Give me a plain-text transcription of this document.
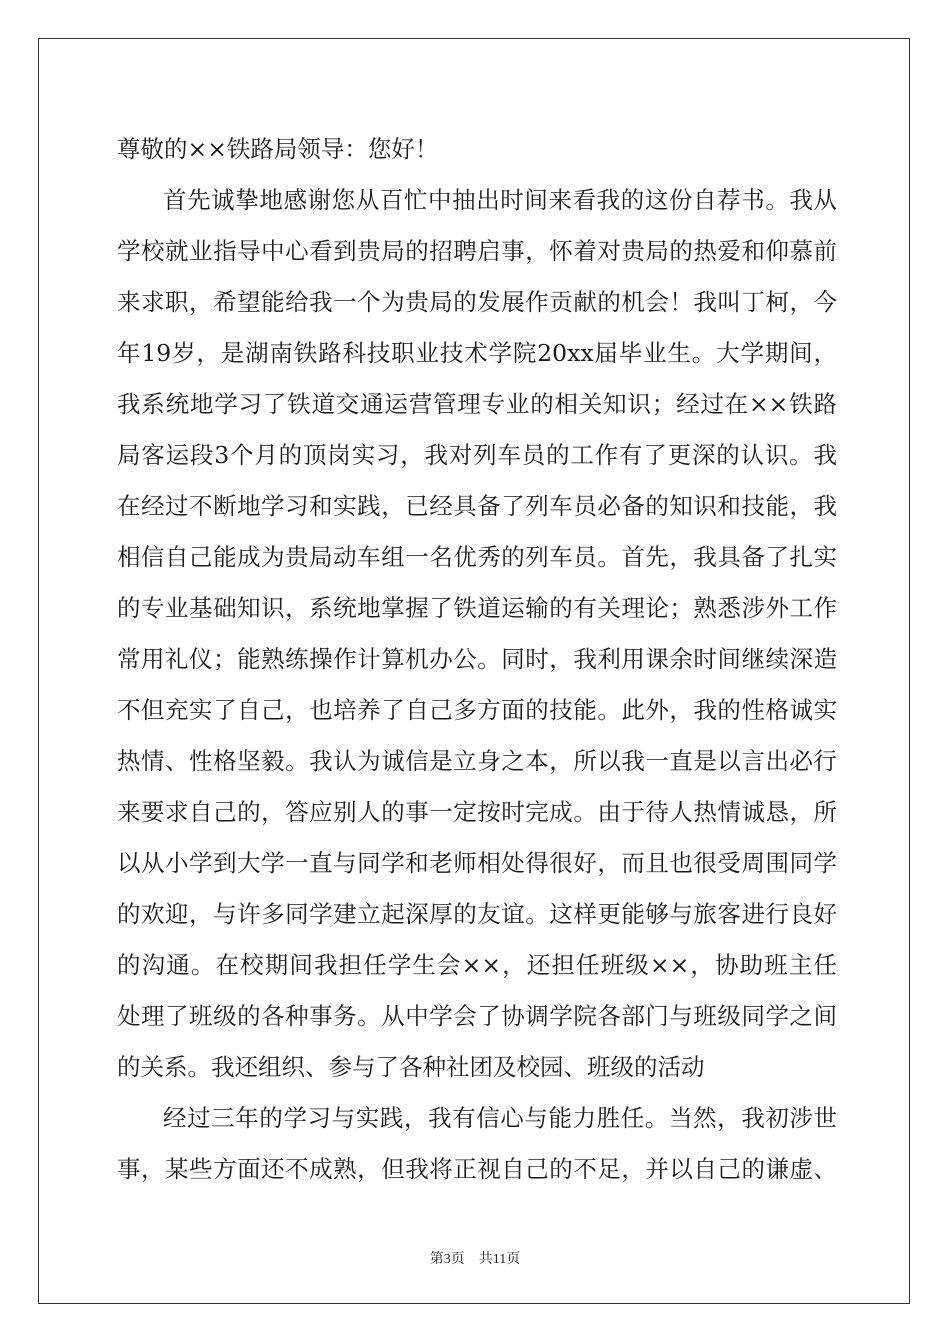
尊敬的××铁路局领导：您好！
首先诚挚地感谢您从百忙中抽出时间来看我的这份自荐书。我从
学校就业指导中心看到贵局的招聘启事，怀着对贵局的热爱和仰慕前
来求职，希望能给我一个为贵局的发展作贡献的机会！我叫丁柯，今
年19岁，是湖南铁路科技职业技术学院20xx届毕业生。大学期间，
我系统地学习了铁道交通运营管理专业的相关知识；经过在××铁路
局客运段3个月的顶岗实习，我对列车员的工作有了更深的认识。我
在经过不断地学习和实践，已经具备了列车员必备的知识和技能，我
相信自己能成为贵局动车组一名优秀的列车员。首先，我具备了扎实
的专业基础知识，系统地掌握了铁道运输的有关理论；熟悉涉外工作
常用礼仪；能熟练操作计算机办公。同时，我利用课余时间继续深造
不但充实了自己，也培养了自己多方面的技能。此外，我的性格诚实
热情、性格坚毅。我认为诚信是立身之本，所以我一直是以言出必行
来要求自己的，答应别人的事一定按时完成。由于待人热情诚恳，所
以从小学到大学一直与同学和老师相处得很好，而且也很受周围同学
的欢迎，与许多同学建立起深厚的友谊。这样更能够与旅客进行良好
的沟通。在校期间我担任学生会××，还担任班级××，协助班主任
处理了班级的各种事务。从中学会了协调学院各部门与班级同学之间
的关系。我还组织、参与了各种社团及校园、班级的活动
经过三年的学习与实践，我有信心与能力胜任。当然，我初涉世
事，某些方面还不成熟，但我将正视自己的不足，并以自己的谦虚、
第3页　共11页
